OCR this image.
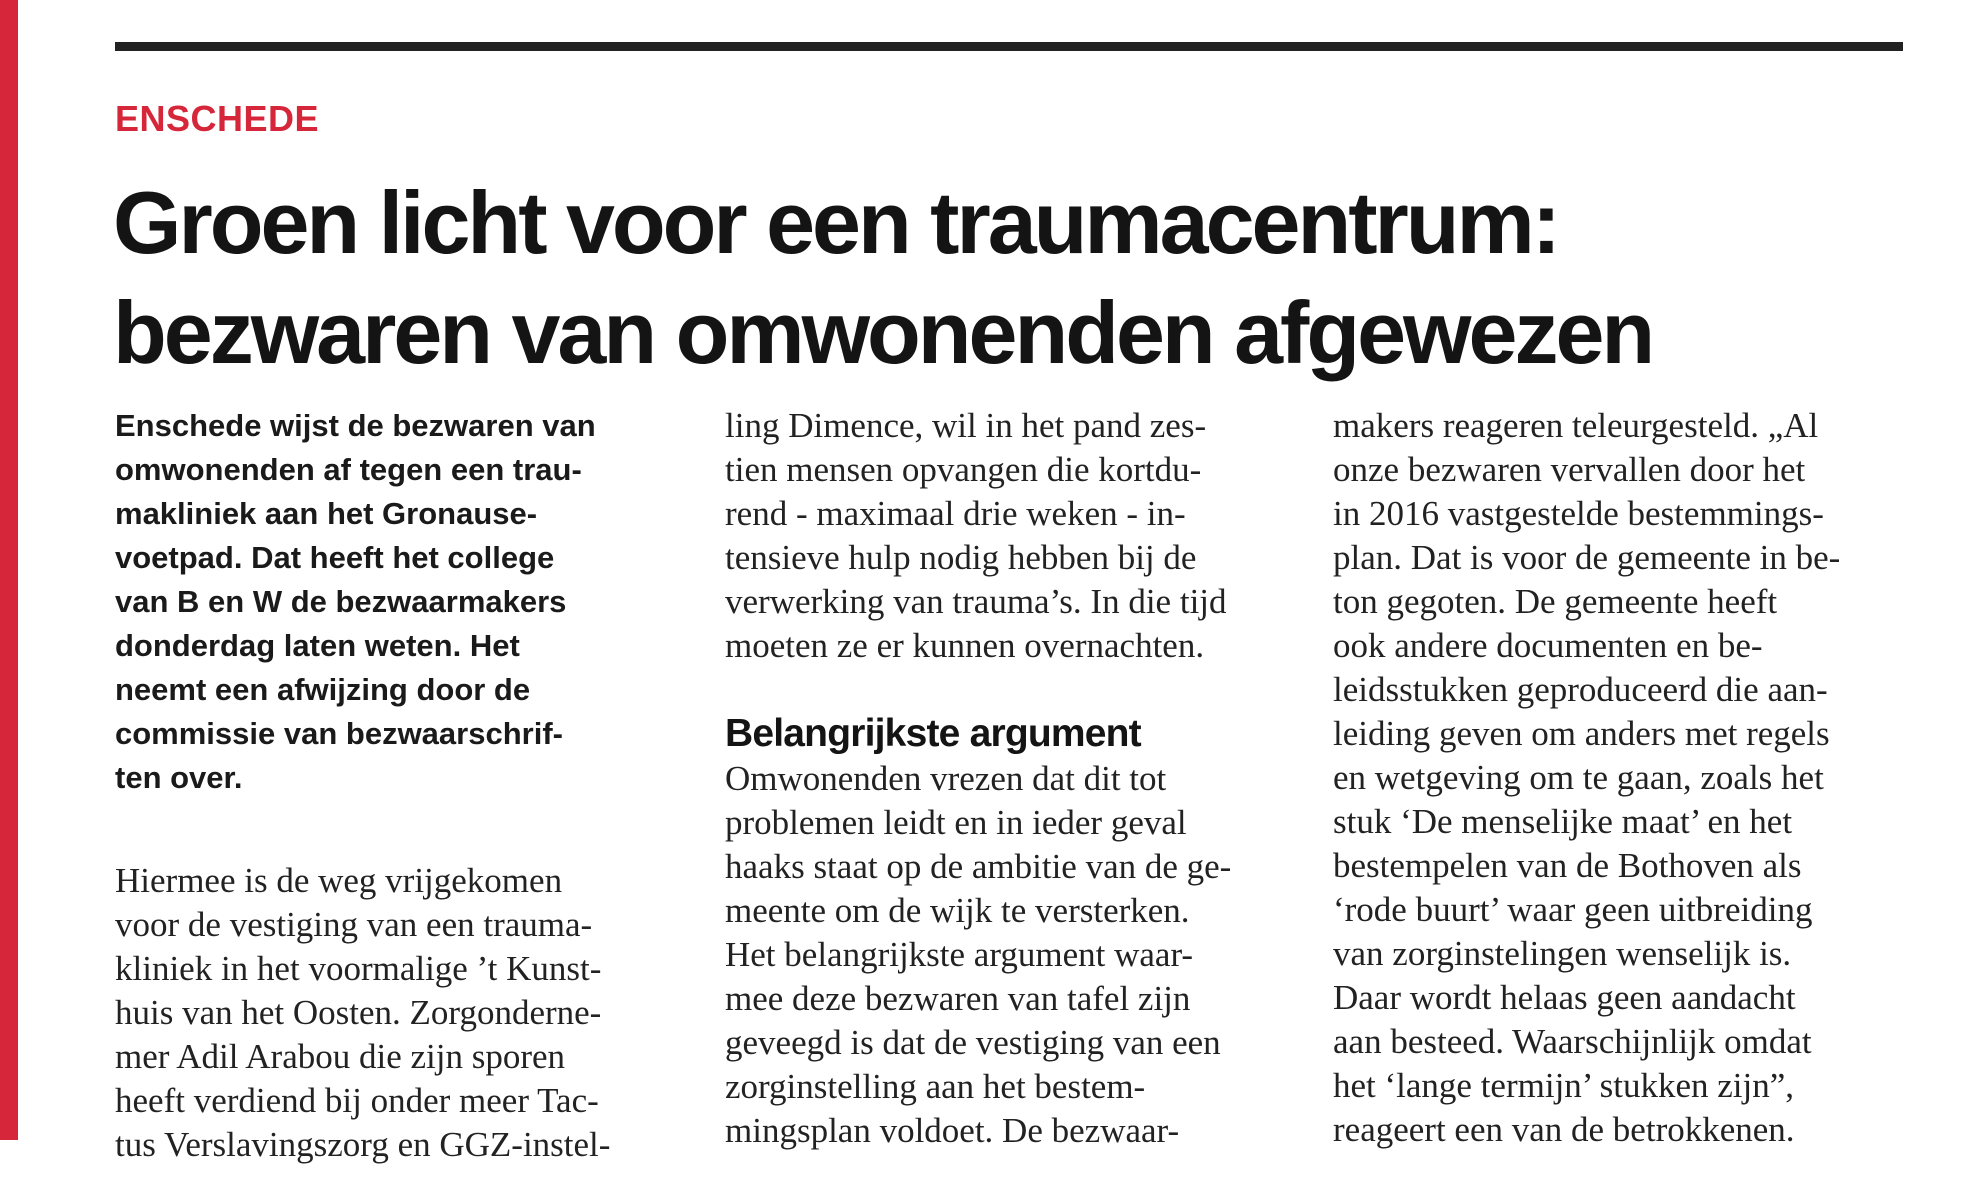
ENSCHEDE
Groen licht voor een traumacentrum:
bezwaren van omwonenden afgewezen
Enschede wijst de bezwaren van
omwonenden af tegen een trau-
makliniek aan het Gronause-
voetpad. Dat heeft het college
van B en W de bezwaarmakers
donderdag laten weten. Het
neemt een afwijzing door de
commissie van bezwaarschrif-
ten over.
Hiermee is de weg vrijgekomen
voor de vestiging van een trauma-
kliniek in het voormalige ’t Kunst-
huis van het Oosten. Zorgonderne-
mer Adil Arabou die zijn sporen
heeft verdiend bij onder meer Tac-
tus Verslavingszorg en GGZ-instel-
ling Dimence, wil in het pand zes-
tien mensen opvangen die kortdu-
rend - maximaal drie weken - in-
tensieve hulp nodig hebben bij de
verwerking van trauma’s. In die tijd
moeten ze er kunnen overnachten.
Belangrijkste argument
Omwonenden vrezen dat dit tot
problemen leidt en in ieder geval
haaks staat op de ambitie van de ge-
meente om de wijk te versterken.
Het belangrijkste argument waar-
mee deze bezwaren van tafel zijn
geveegd is dat de vestiging van een
zorginstelling aan het bestem-
mingsplan voldoet. De bezwaar-
makers reageren teleurgesteld. „Al
onze bezwaren vervallen door het
in 2016 vastgestelde bestemmings-
plan. Dat is voor de gemeente in be-
ton gegoten. De gemeente heeft
ook andere documenten en be-
leidsstukken geproduceerd die aan-
leiding geven om anders met regels
en wetgeving om te gaan, zoals het
stuk ‘De menselijke maat’ en het
bestempelen van de Bothoven als
‘rode buurt’ waar geen uitbreiding
van zorginstelingen wenselijk is.
Daar wordt helaas geen aandacht
aan besteed. Waarschijnlijk omdat
het ‘lange termijn’ stukken zijn”,
reageert een van de betrokkenen.
